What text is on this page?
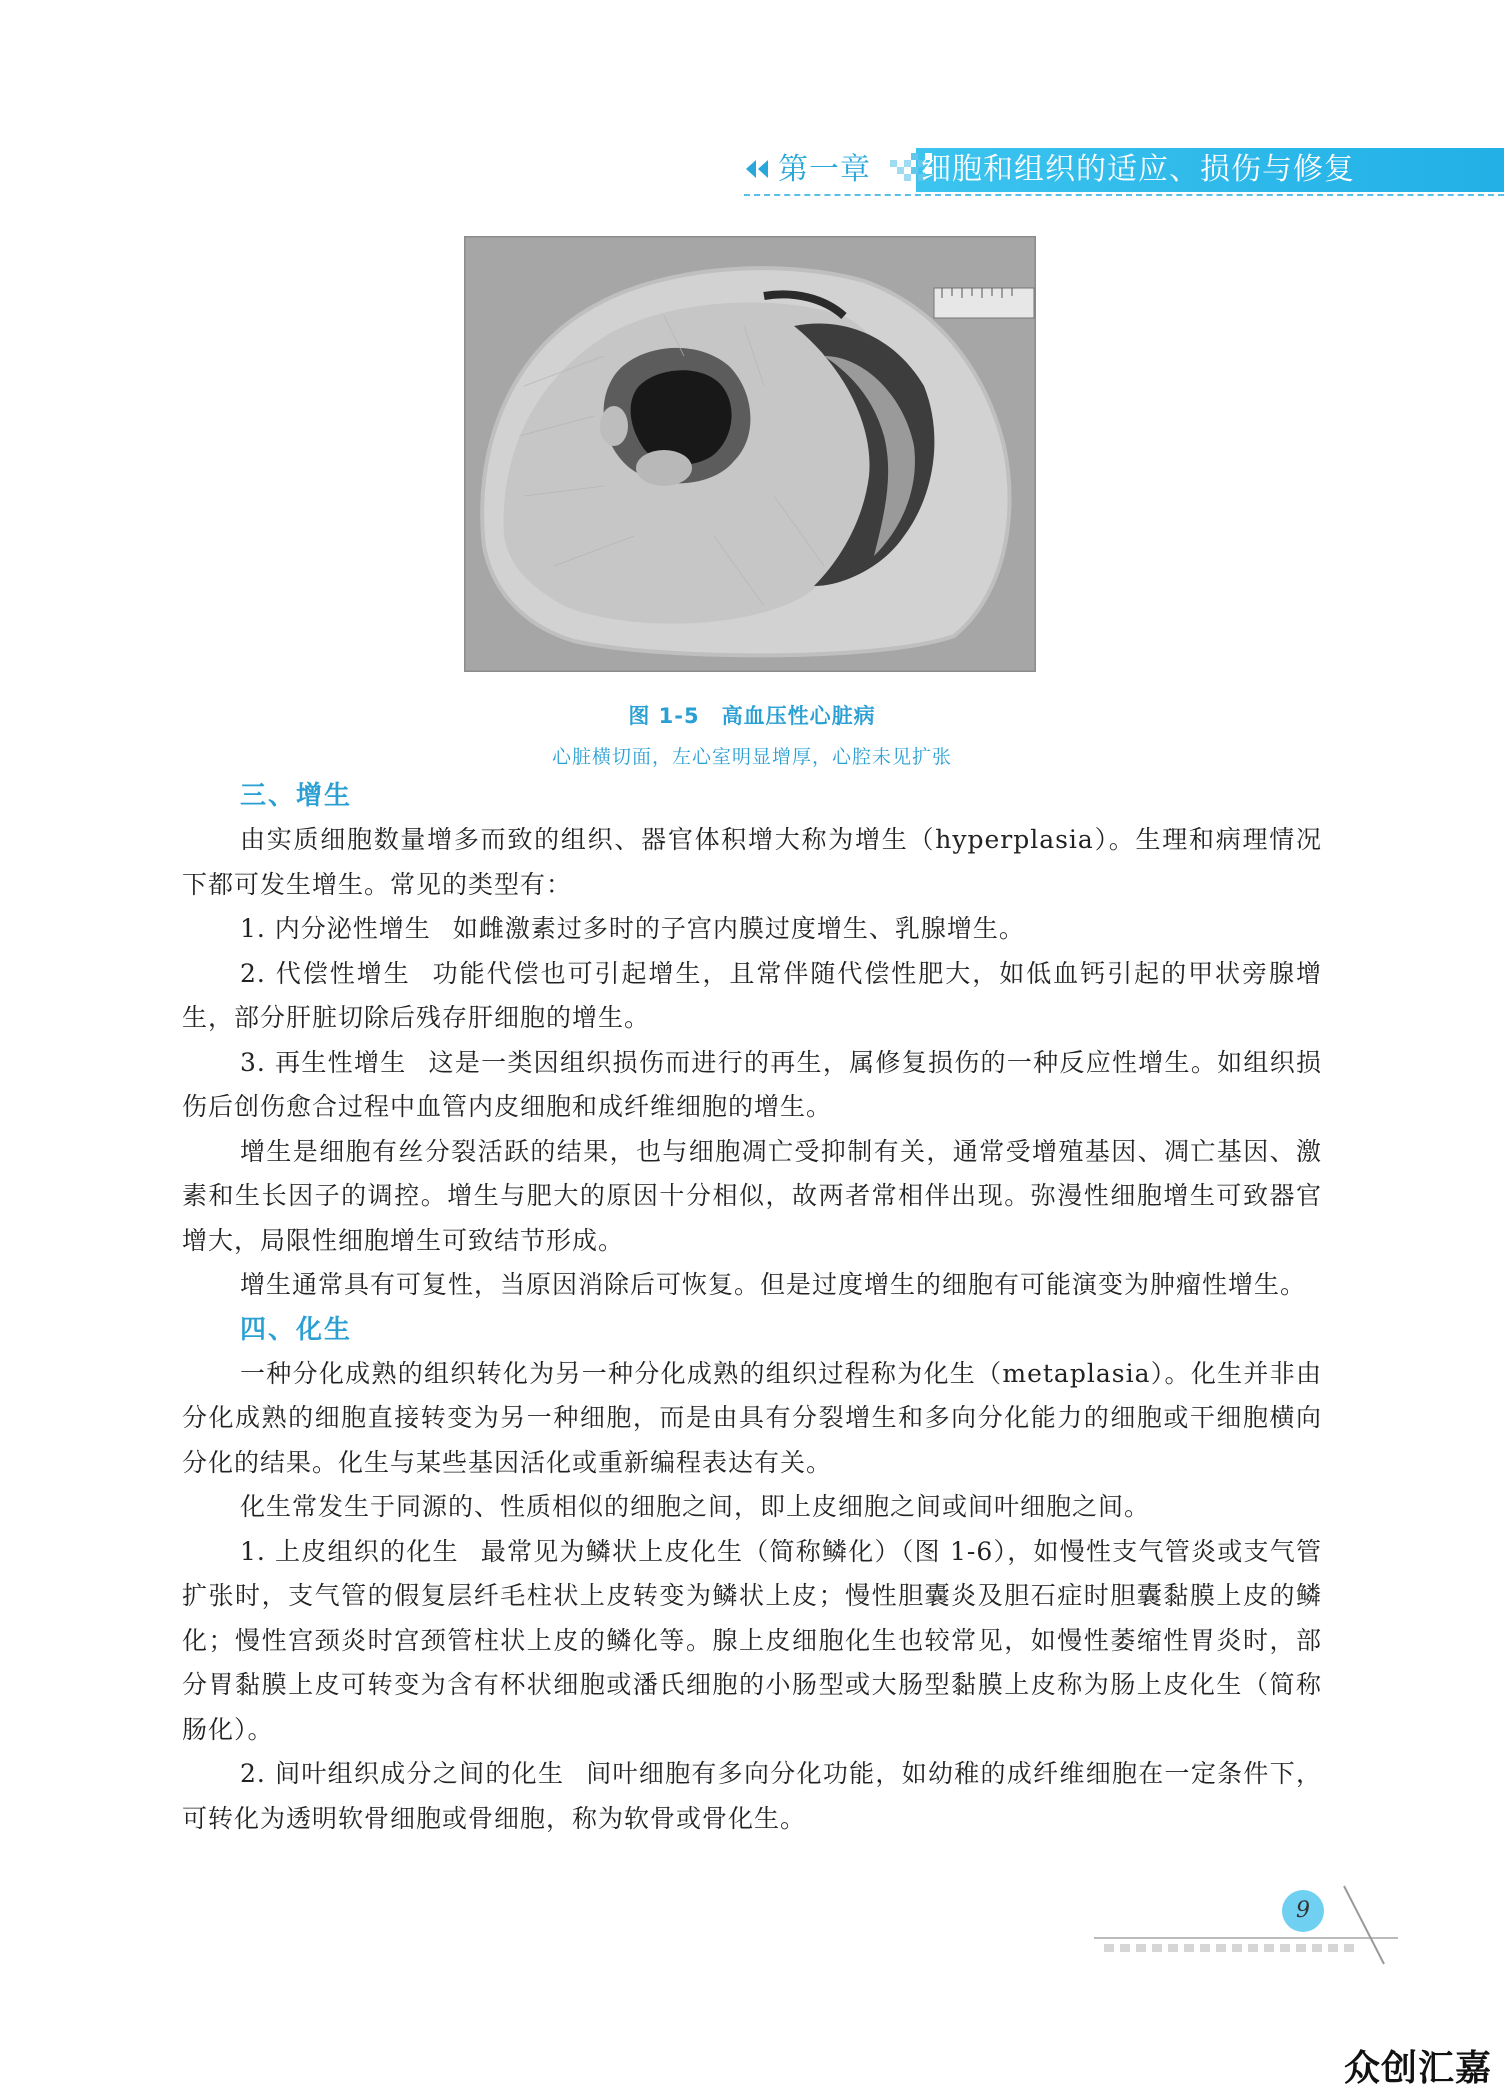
第一章 细胞和组织的适应、损伤与修复
图 1-5 高血压性心脏病
心脏横切面，左心室明显增厚，心腔未见扩张
三、增生

由实质细胞数量增多而致的组织、器官体积增大称为增生（hyperplasia）。生理和病理情况下都可发生增生。常见的类型有：

1. 内分泌性增生 如雌激素过多时的子宫内膜过度增生、乳腺增生。

2. 代偿性增生 功能代偿也可引起增生，且常伴随代偿性肥大，如低血钙引起的甲状旁腺增生，部分肝脏切除后残存肝细胞的增生。

3. 再生性增生 这是一类因组织损伤而进行的再生，属修复损伤的一种反应性增生。如组织损伤后创伤愈合过程中血管内皮细胞和成纤维细胞的增生。

增生是细胞有丝分裂活跃的结果，也与细胞凋亡受抑制有关，通常受增殖基因、凋亡基因、激素和生长因子的调控。增生与肥大的原因十分相似，故两者常相伴出现。弥漫性细胞增生可致器官增大，局限性细胞增生可致结节形成。

增生通常具有可复性，当原因消除后可恢复。但是过度增生的细胞有可能演变为肿瘤性增生。

四、化生

一种分化成熟的组织转化为另一种分化成熟的组织过程称为化生（metaplasia）。化生并非由分化成熟的细胞直接转变为另一种细胞，而是由具有分裂增生和多向分化能力的细胞或干细胞横向分化的结果。化生与某些基因活化或重新编程表达有关。

化生常发生于同源的、性质相似的细胞之间，即上皮细胞之间或间叶细胞之间。

1. 上皮组织的化生 最常见为鳞状上皮化生（简称鳞化）（图 1-6），如慢性支气管炎或支气管扩张时，支气管的假复层纤毛柱状上皮转变为鳞状上皮；慢性胆囊炎及胆石症时胆囊黏膜上皮的鳞化；慢性宫颈炎时宫颈管柱状上皮的鳞化等。腺上皮细胞化生也较常见，如慢性萎缩性胃炎时，部分胃黏膜上皮可转变为含有杯状细胞或潘氏细胞的小肠型或大肠型黏膜上皮称为肠上皮化生（简称肠化）。

2. 间叶组织成分之间的化生 间叶细胞有多向分化功能，如幼稚的成纤维细胞在一定条件下，可转化为透明软骨细胞或骨细胞，称为软骨或骨化生。

9
众创汇嘉
